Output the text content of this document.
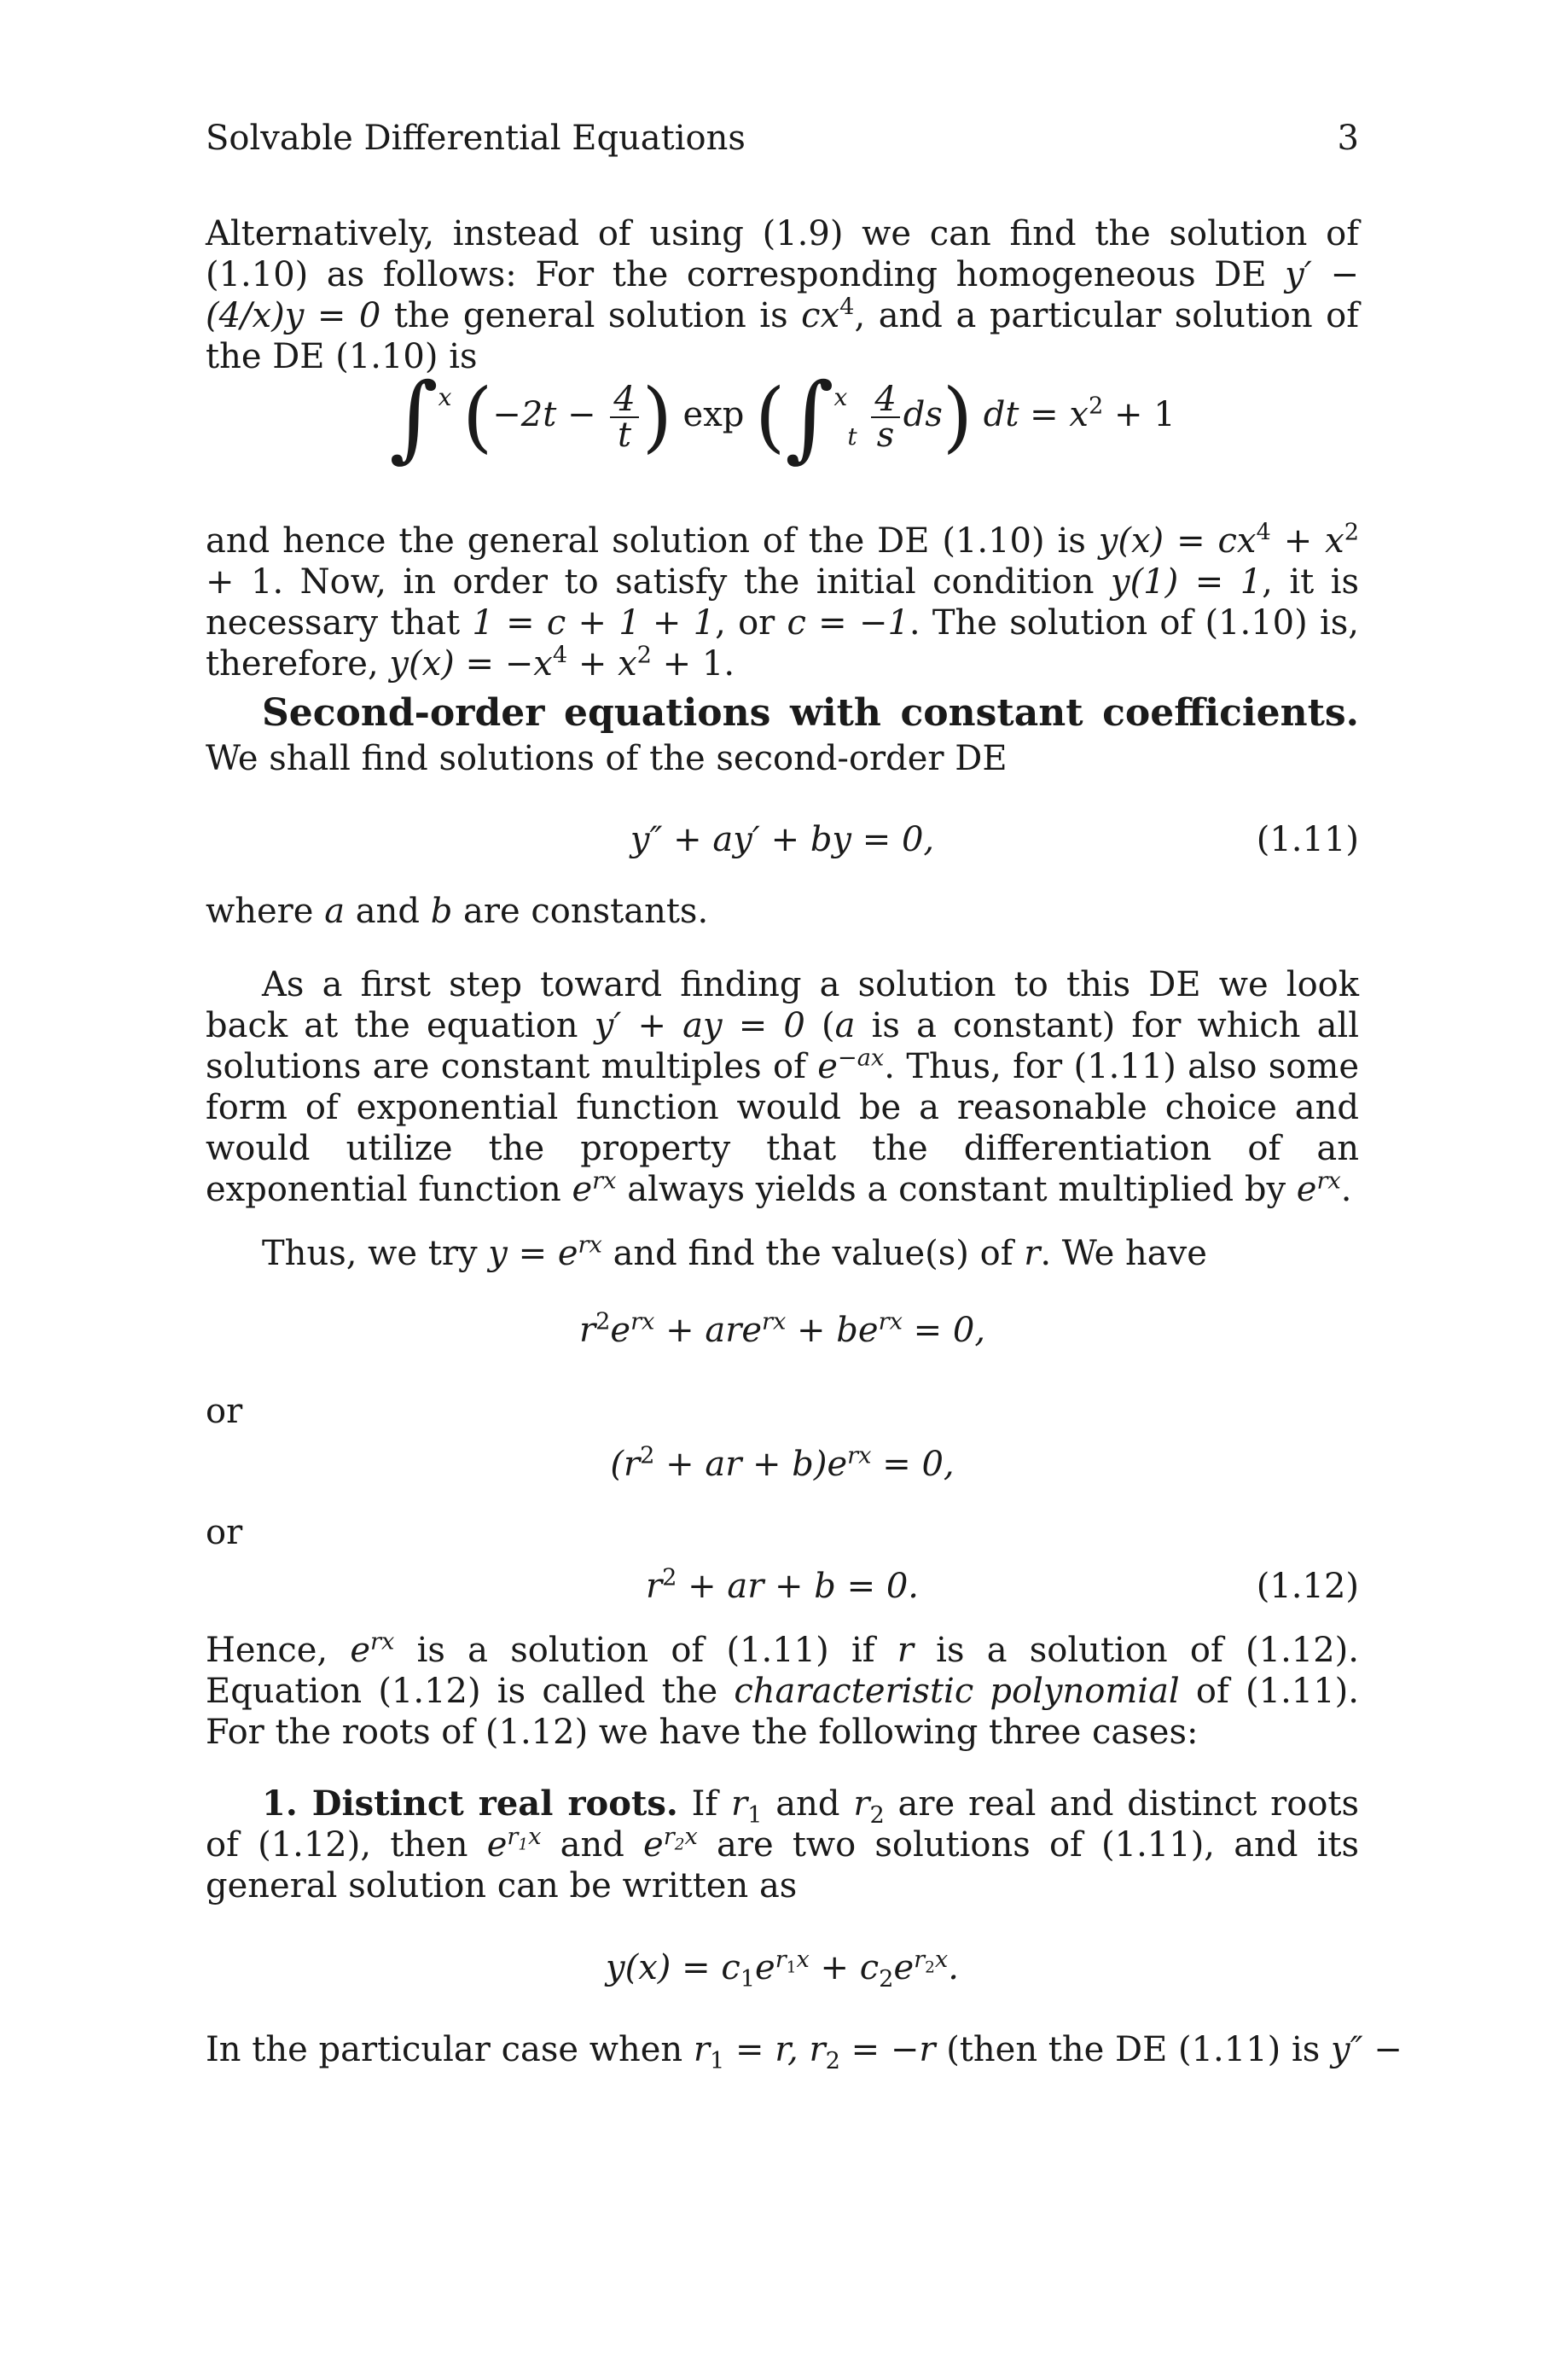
Solvable Differential Equations	3

Alternatively, instead of using (1.9) we can find the solution of (1.10) as follows: For the corresponding homogeneous DE y′ − (4/x)y = 0 the general solution is $cx^4$, and a particular solution of the DE (1.10) is

∫$^x$ ($-2t - \frac{4}{t}$ ) $\exp (\int^x_t \frac{4}{s} ds)$ dt = $x^2 + 1$

and hence the general solution of the DE (1.10) is $y(x) = cx^4 + x^2 + 1$. Now, in order to satisfy the initial condition y(1) = 1, it is necessary that 1 = c + 1 + 1, or c = −1. The solution of (1.10) is, therefore, $y(x) = -x^4 + x^2 + 1$.

Second-order equations with constant coefficients. We shall find solutions of the second-order DE

y″ + ay′ + by = 0,	(1.11)

where a and b are constants.

As a first step toward finding a solution to this DE we look back at the equation y′ + ay = 0 (a is a constant) for which all solutions are constant multiples of $e^{-ax}$. Thus, for (1.11) also some form of exponential function would be a reasonable choice and would utilize the property that the differentiation of an exponential function $e^{rx}$ always yields a constant multiplied by $e^{rx}$.

Thus, we try $y = e^{rx}$ and find the value(s) of r. We have

$r^2e^{rx} + are^{rx} + be^{rx} = 0$,
or
($r^2$ + ar + $b)e^{rx} = 0$,
or
$r^2$ + ar + b = 0.	(1.12)

Hence, $e^{rx}$ is a solution of (1.11) if r is a solution of (1.12). Equation (1.12) is called the characteristic polynomial of (1.11). For the roots of (1.12) we have the following three cases:

1. Distinct real roots. If $r_1$ and $r_2$ are real and distinct roots of (1.12), then $e^{r_1x}$ and $e^{r_2x}$ are two solutions of (1.11), and its general solution can be written as

$y(x) = c_1e^{r_1x} + c_2e^{r_2x}$.

In the particular case when $r_1 = r$, $r_2 = -r$ (then the DE (1.11) is y″ −
